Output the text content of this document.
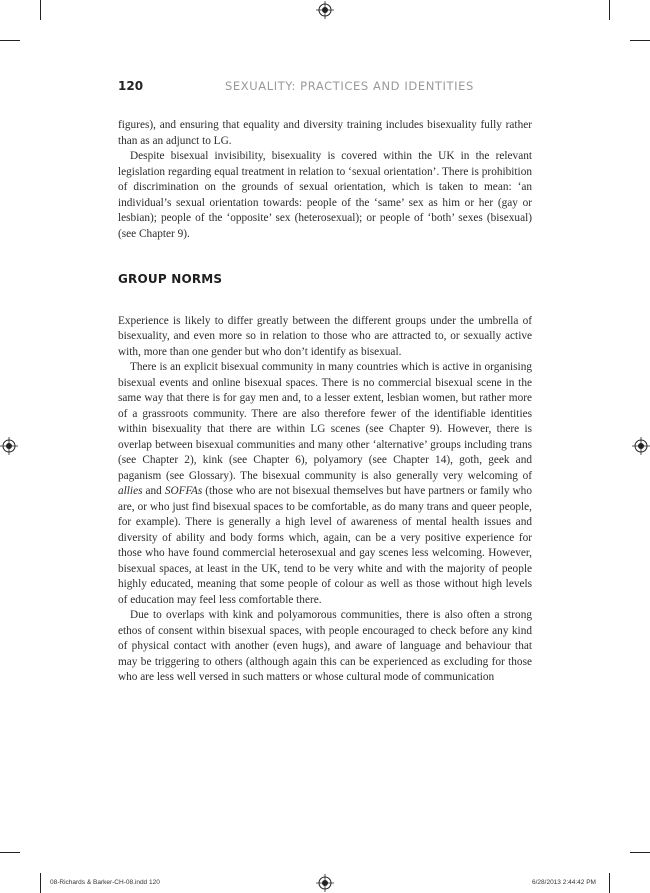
120	SEXUALITY: PRACTICES AND IDENTITIES

figures), and ensuring that equality and diversity training includes bisexuality fully rather than as an adjunct to LG.

Despite bisexual invisibility, bisexuality is covered within the UK in the relevant legislation regarding equal treatment in relation to ‘sexual orientation’. There is prohibition of discrimination on the grounds of sexual orientation, which is taken to mean: ‘an individual’s sexual orientation towards: people of the ‘same’ sex as him or her (gay or lesbian); people of the ‘opposite’ sex (heterosexual); or people of ‘both’ sexes (bisexual) (see Chapter 9).

GROUP NORMS

Experience is likely to differ greatly between the different groups under the umbrella of bisexuality, and even more so in relation to those who are attracted to, or sexually active with, more than one gender but who don’t identify as bisexual.

There is an explicit bisexual community in many countries which is active in organising bisexual events and online bisexual spaces. There is no commercial bisexual scene in the same way that there is for gay men and, to a lesser extent, lesbian women, but rather more of a grassroots community. There are also therefore fewer of the identifiable identities within bisexuality that there are within LG scenes (see Chapter 9). However, there is overlap between bisexual communities and many other ‘alternative’ groups including trans (see Chapter 2), kink (see Chapter 6), polyamory (see Chapter 14), goth, geek and paganism (see Glossary). The bisexual community is also generally very welcoming of allies and SOFFAs (those who are not bisexual themselves but have partners or family who are, or who just find bisexual spaces to be comfortable, as do many trans and queer people, for example). There is generally a high level of awareness of mental health issues and diversity of ability and body forms which, again, can be a very positive experience for those who have found commercial heterosexual and gay scenes less welcoming. However, bisexual spaces, at least in the UK, tend to be very white and with the majority of people highly educated, meaning that some people of colour as well as those without high levels of education may feel less comfortable there.

Due to overlaps with kink and polyamorous communities, there is also often a strong ethos of consent within bisexual spaces, with people encouraged to check before any kind of physical contact with another (even hugs), and aware of language and behaviour that may be triggering to others (although again this can be experienced as excluding for those who are less well versed in such matters or whose cultural mode of communication

08-Richards & Barker-CH-08.indd 120	6/28/2013 2:44:42 PM
